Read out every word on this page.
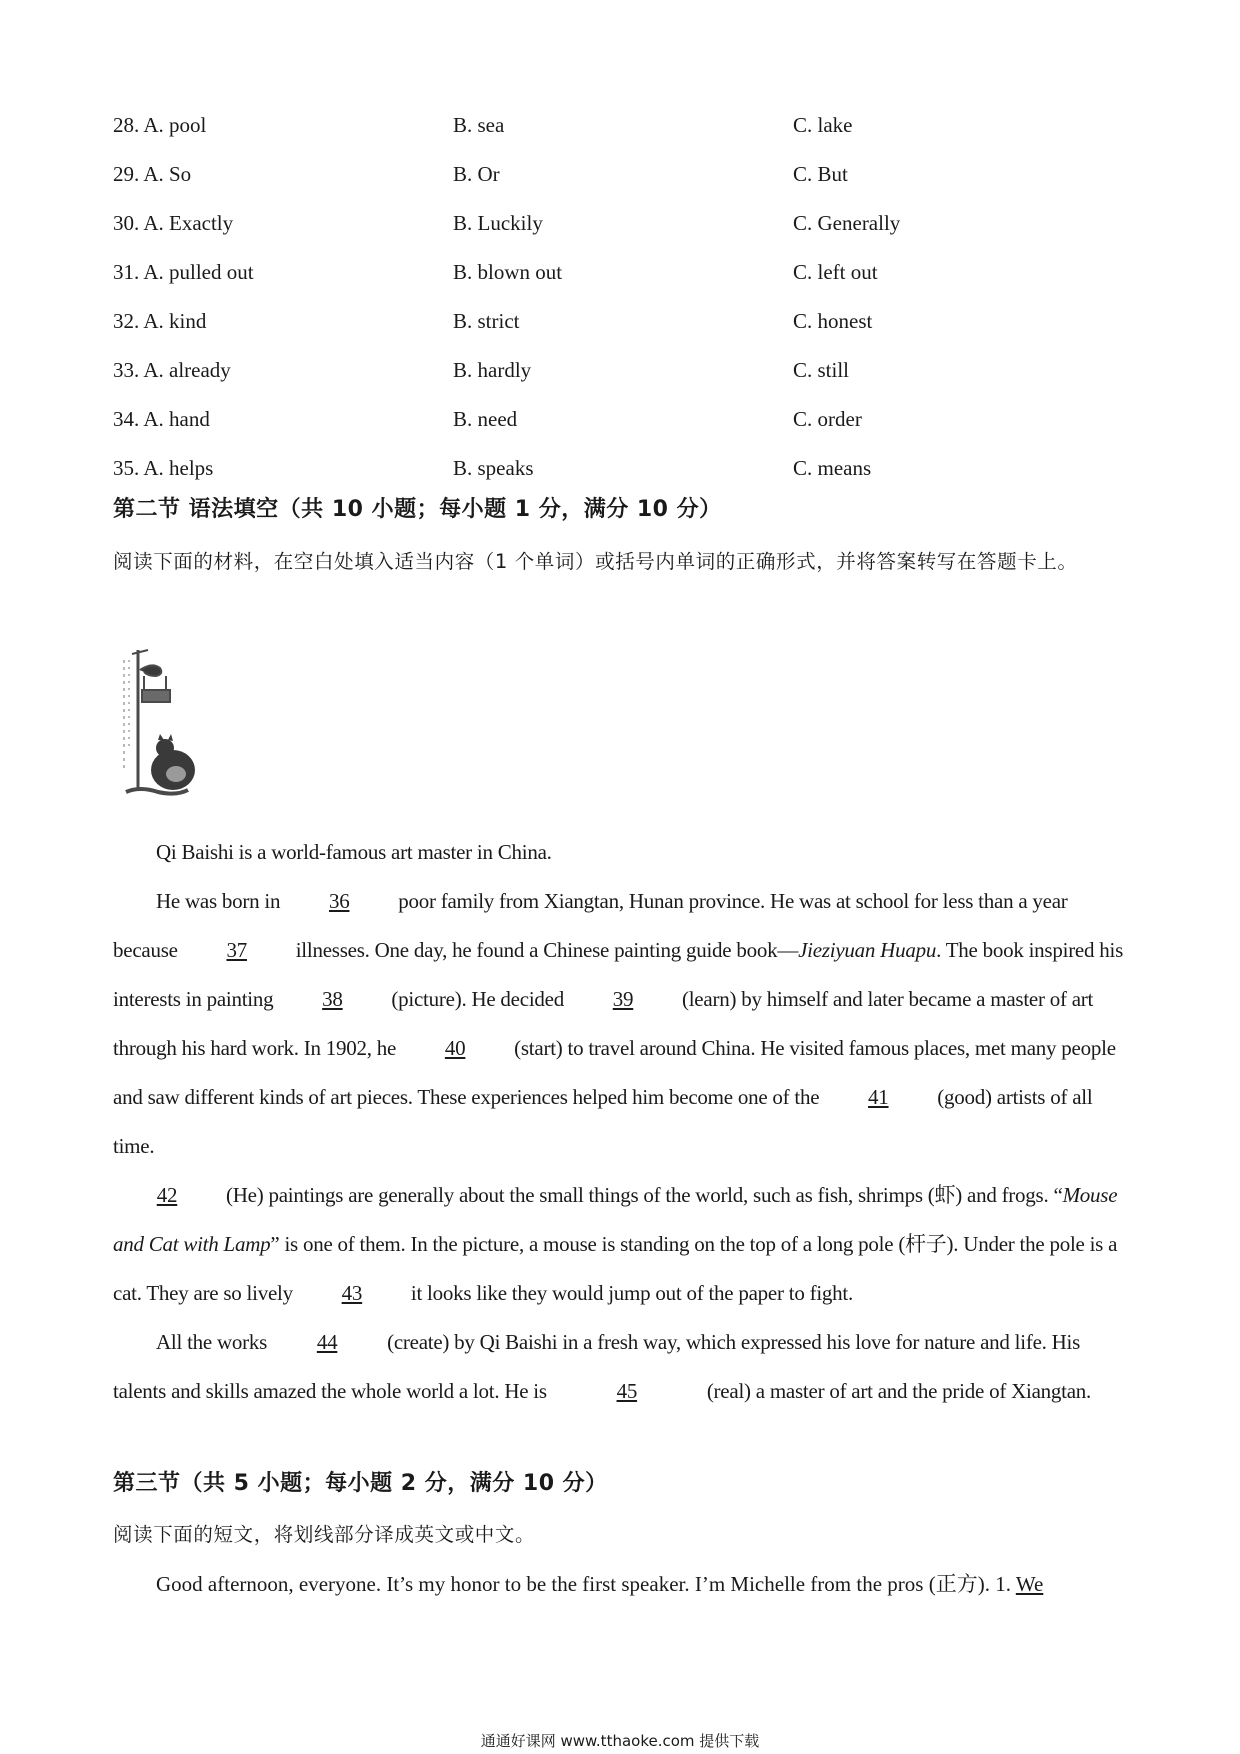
28. A. pool	B. sea	C. lake
29. A. So	B. Or	C. But
30. A. Exactly	B. Luckily	C. Generally
31. A. pulled out	B. blown out	C. left out
32. A. kind	B. strict	C. honest
33. A. already	B. hardly	C. still
34. A. hand	B. need	C. order
35. A. helps	B. speaks	C. means
第二节 语法填空（共 10 小题；每小题 1 分，满分 10 分）
阅读下面的材料，在空白处填入适当内容（1 个单词）或括号内单词的正确形式，并将答案转写在答题卡上。

Qi Baishi is a world-famous art master in China.

He was born in 36 poor family from Xiangtan, Hunan province. He was at school for less than a year because 37 illnesses. One day, he found a Chinese painting guide book—Jieziyuan Huapu. The book inspired his interests in painting 38 (picture). He decided 39 (learn) by himself and later became a master of art through his hard work. In 1902, he 40 (start) to travel around China. He visited famous places, met many people and saw different kinds of art pieces. These experiences helped him become one of the 41 (good) artists of all time.

42 (He) paintings are generally about the small things of the world, such as fish, shrimps (虾) and frogs. “Mouse and Cat with Lamp” is one of them. In the picture, a mouse is standing on the top of a long pole (杆子). Under the pole is a cat. They are so lively 43 it looks like they would jump out of the paper to fight.

All the works 44 (create) by Qi Baishi in a fresh way, which expressed his love for nature and life. His talents and skills amazed the whole world a lot. He is	45	(real) a master of art and the pride of Xiangtan.

第三节（共 5 小题；每小题 2 分，满分 10 分）
阅读下面的短文，将划线部分译成英文或中文。
Good afternoon, everyone. It’s my honor to be the first speaker. I’m Michelle from the pros (正方). 1. We
通通好课网 www.tthaoke.com 提供下载
